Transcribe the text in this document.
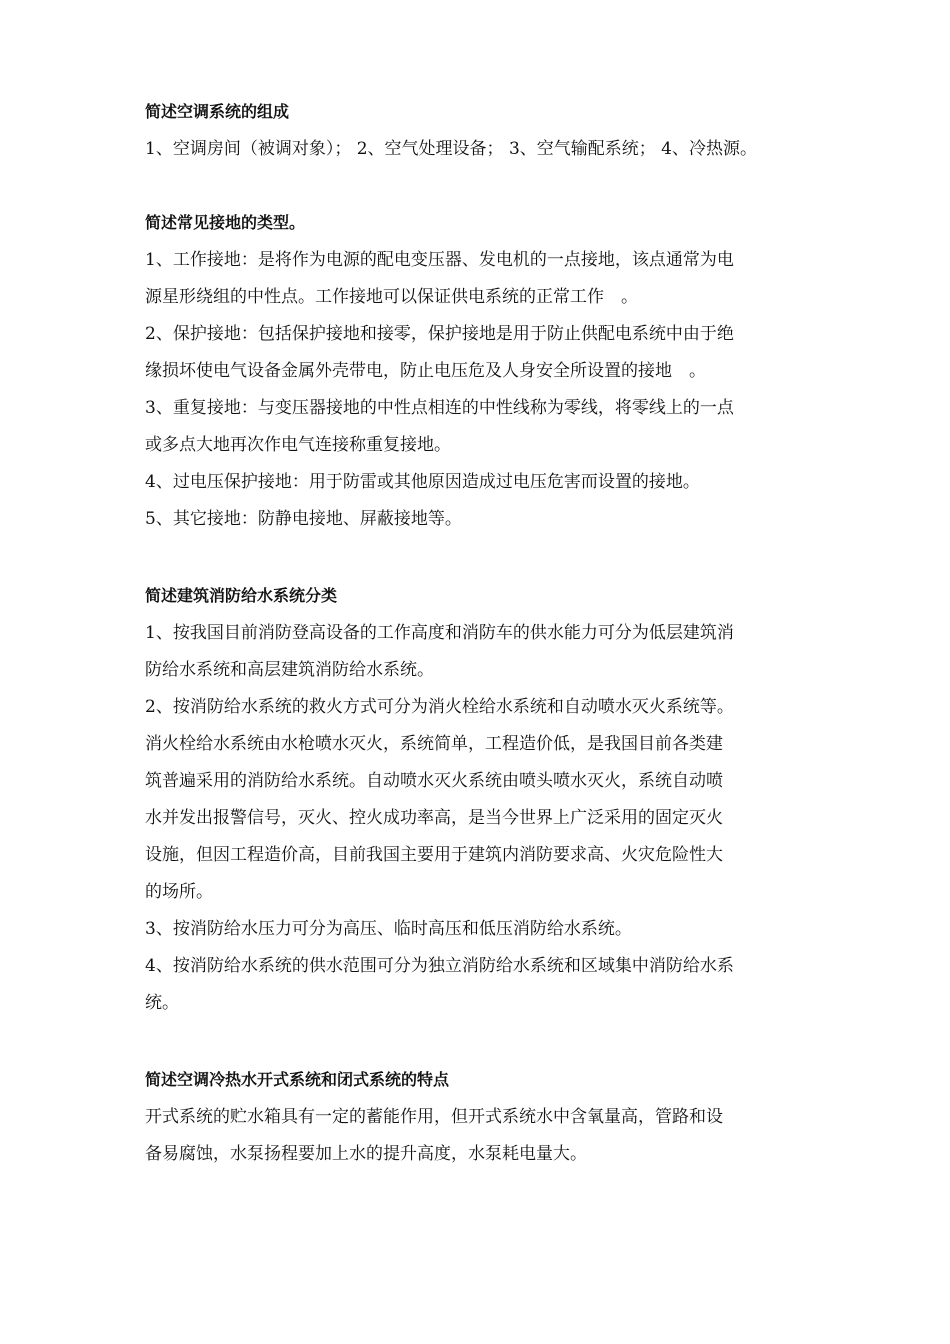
简述空调系统的组成
1、空调房间（被调对象）； 2、空气处理设备； 3、空气输配系统； 4、冷热源。
简述常见接地的类型。
1、工作接地：是将作为电源的配电变压器、发电机的一点接地，该点通常为电
源星形绕组的中性点。工作接地可以保证供电系统的正常工作　。
2、保护接地：包括保护接地和接零，保护接地是用于防止供配电系统中由于绝
缘损坏使电气设备金属外壳带电，防止电压危及人身安全所设置的接地　。
3、重复接地：与变压器接地的中性点相连的中性线称为零线，将零线上的一点
或多点大地再次作电气连接称重复接地。
4、过电压保护接地：用于防雷或其他原因造成过电压危害而设置的接地。
5、其它接地：防静电接地、屏蔽接地等。
简述建筑消防给水系统分类
1、按我国目前消防登高设备的工作高度和消防车的供水能力可分为低层建筑消
防给水系统和高层建筑消防给水系统。
2、按消防给水系统的救火方式可分为消火栓给水系统和自动喷水灭火系统等。
消火栓给水系统由水枪喷水灭火，系统简单，工程造价低，是我国目前各类建
筑普遍采用的消防给水系统。自动喷水灭火系统由喷头喷水灭火，系统自动喷
水并发出报警信号，灭火、控火成功率高，是当今世界上广泛采用的固定灭火
设施，但因工程造价高，目前我国主要用于建筑内消防要求高、火灾危险性大
的场所。
3、按消防给水压力可分为高压、临时高压和低压消防给水系统。
4、按消防给水系统的供水范围可分为独立消防给水系统和区域集中消防给水系
统。
简述空调冷热水开式系统和闭式系统的特点
开式系统的贮水箱具有一定的蓄能作用，但开式系统水中含氧量高，管路和设
备易腐蚀，水泵扬程要加上水的提升高度，水泵耗电量大。
